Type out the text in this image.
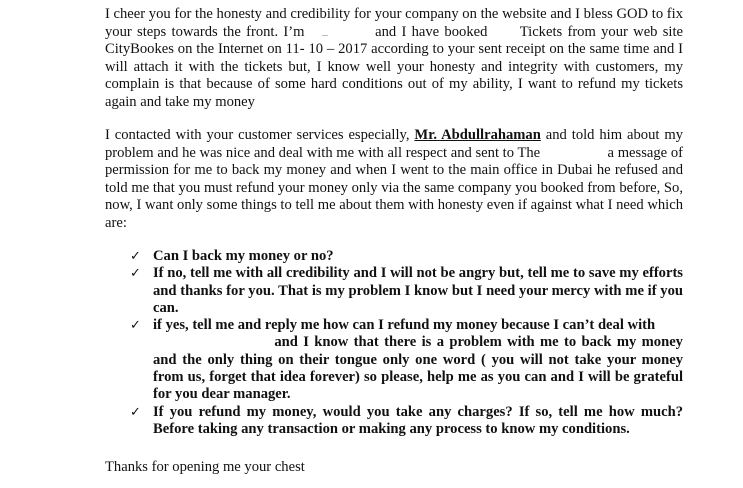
I cheer you for the honesty and credibility for your company on the website and I bless GOD to fix your steps towards the front. I’m	and I have booked Tickets from your web site CityBookes on the Internet on 11- 10 – 2017 according to your sent receipt on the same time and I will attach it with the tickets but, I know well your honesty and integrity with customers, my complain is that because of some hard conditions out of my ability, I want to refund my tickets again and take my money

I contacted with your customer services especially, Mr. Abdullrahaman and told him about my problem and he was nice and deal with me with all respect and sent to The	a message of permission for me to back my money and when I went to the main office in Dubai he refused and told me that you must refund your money only via the same company you booked from before, So, now, I want only some things to tell me about them with honesty even if against what I need which are:

✓ Can I back my money or no?
✓ If no, tell me with all credibility and I will not be angry but, tell me to save my efforts and thanks for you. That is my problem I know but I need your mercy with me if you can.
✓ if yes, tell me and reply me how can I refund my money because I can’t deal with
and I know that there is a problem with me to back my money and the only thing on their tongue only one word ( you will not take your money from us, forget that idea forever) so please, help me as you can and I will be grateful for you dear manager.
✓ If you refund my money, would you take any charges? If so, tell me how much? Before taking any transaction or making any process to know my conditions.

Thanks for opening me your chest
